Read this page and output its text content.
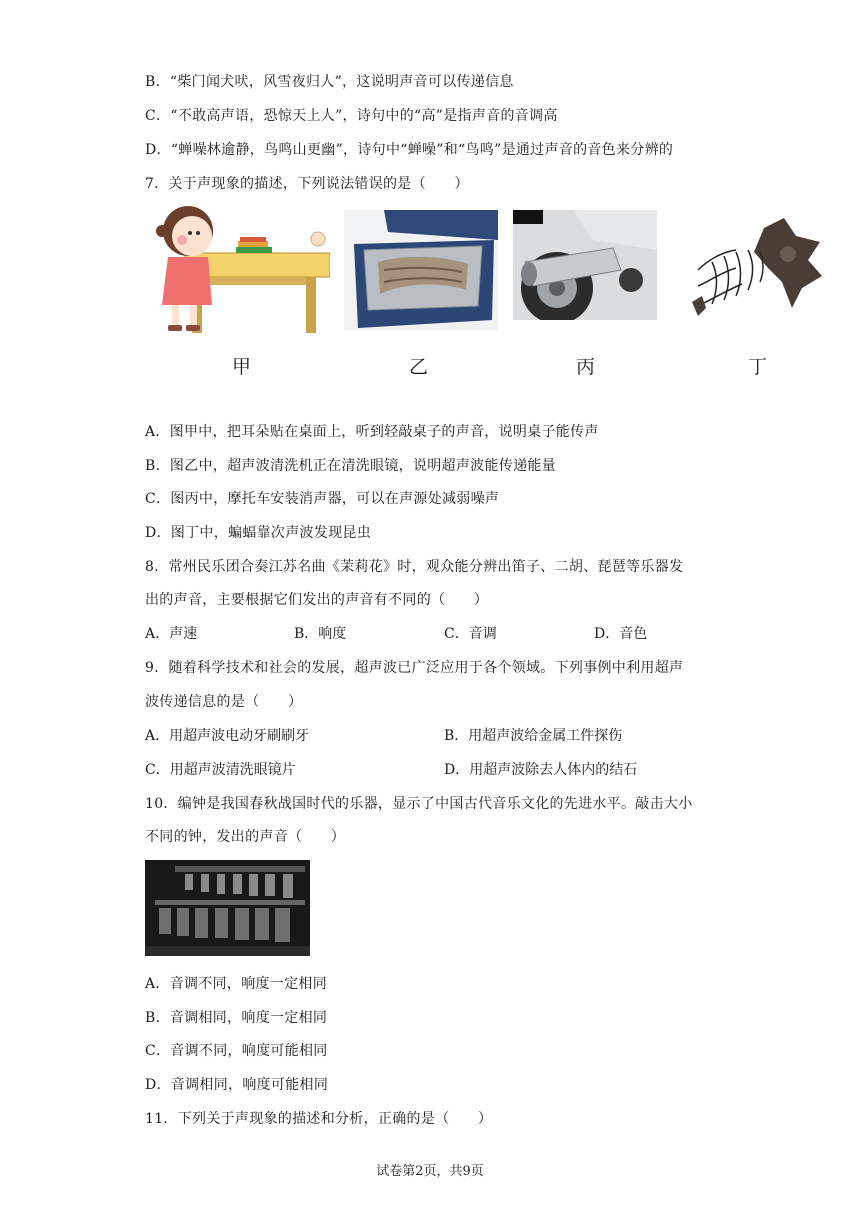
B．“柴门闻犬吠，风雪夜归人”，这说明声音可以传递信息
C．“不敢高声语，恐惊天上人”，诗句中的“高”是指声音的音调高
D．“蝉噪林逾静，鸟鸣山更幽”，诗句中“蝉噪”和“鸟鸣”是通过声音的音色来分辨的
7．关于声现象的描述，下列说法错误的是（　　）
甲	乙	丙	丁
A．图甲中，把耳朵贴在桌面上，听到轻敲桌子的声音，说明桌子能传声
B．图乙中，超声波清洗机正在清洗眼镜，说明超声波能传递能量
C．图丙中，摩托车安装消声器，可以在声源处减弱噪声
D．图丁中，蝙蝠靠次声波发现昆虫
8．常州民乐团合奏江苏名曲《茉莉花》时，观众能分辨出笛子、二胡、琵琶等乐器发
出的声音，主要根据它们发出的声音有不同的（　　）
A．声速	B．响度	C．音调	D．音色
9．随着科学技术和社会的发展，超声波已广泛应用于各个领域。下列事例中利用超声
波传递信息的是（　　）
A．用超声波电动牙刷刷牙	B．用超声波给金属工件探伤
C．用超声波清洗眼镜片	D．用超声波除去人体内的结石
10．编钟是我国春秋战国时代的乐器，显示了中国古代音乐文化的先进水平。敲击大小
不同的钟，发出的声音（　　）
A．音调不同，响度一定相同
B．音调相同，响度一定相同
C．音调不同，响度可能相同
D．音调相同，响度可能相同
11．下列关于声现象的描述和分析，正确的是（　　）
试卷第2页，共9页
